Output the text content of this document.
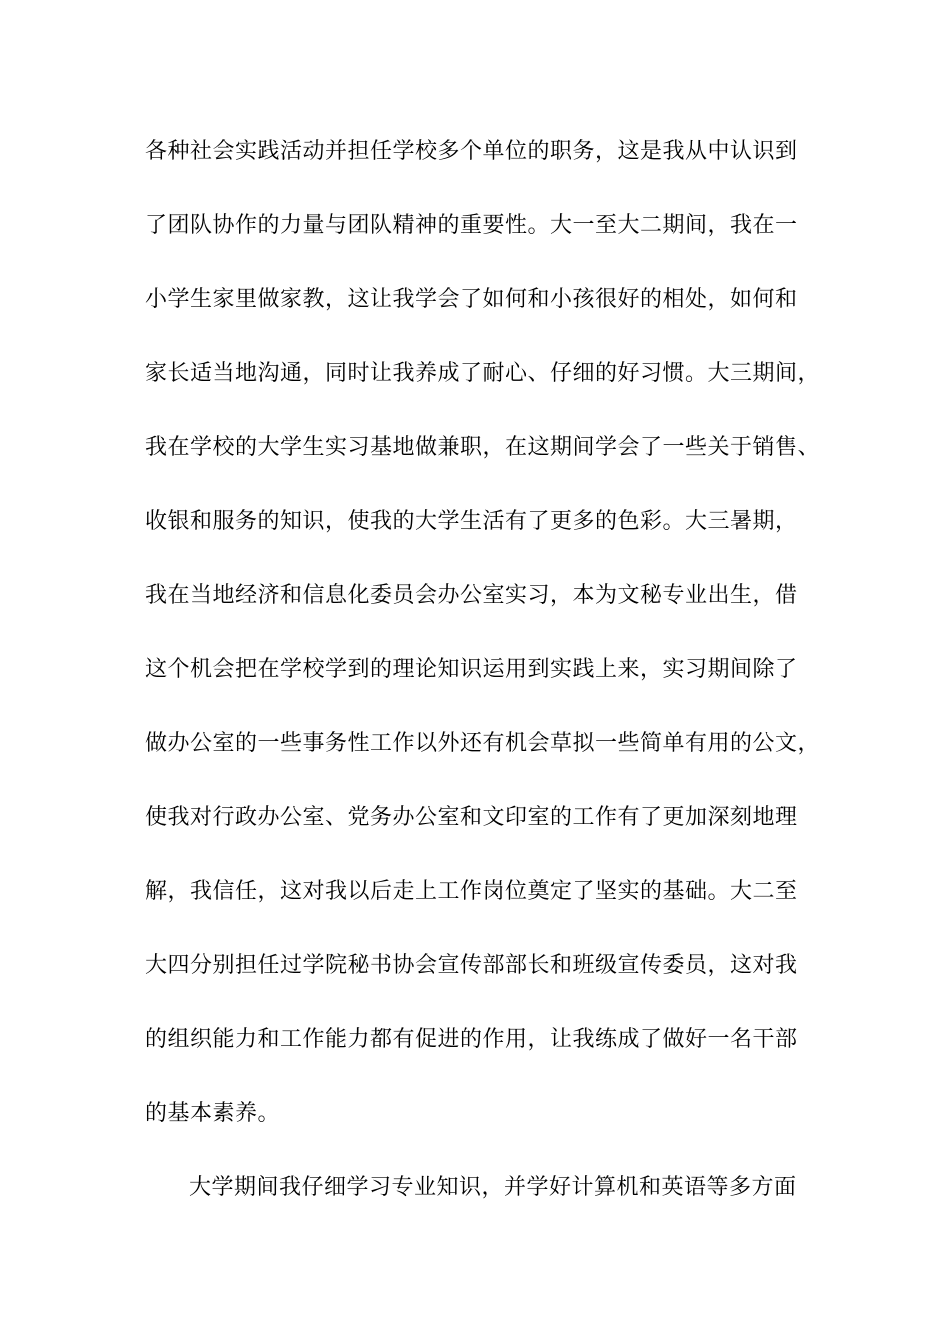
各种社会实践活动并担任学校多个单位的职务，这是我从中认识到
了团队协作的力量与团队精神的重要性。大一至大二期间，我在一
小学生家里做家教，这让我学会了如何和小孩很好的相处，如何和
家长适当地沟通，同时让我养成了耐心、仔细的好习惯。大三期间，
我在学校的大学生实习基地做兼职，在这期间学会了一些关于销售、
收银和服务的知识，使我的大学生活有了更多的色彩。大三暑期，
我在当地经济和信息化委员会办公室实习，本为文秘专业出生，借
这个机会把在学校学到的理论知识运用到实践上来，实习期间除了
做办公室的一些事务性工作以外还有机会草拟一些简单有用的公文，
使我对行政办公室、党务办公室和文印室的工作有了更加深刻地理
解，我信任，这对我以后走上工作岗位奠定了坚实的基础。大二至
大四分别担任过学院秘书协会宣传部部长和班级宣传委员，这对我
的组织能力和工作能力都有促进的作用，让我练成了做好一名干部
的基本素养。
大学期间我仔细学习专业知识，并学好计算机和英语等多方面
